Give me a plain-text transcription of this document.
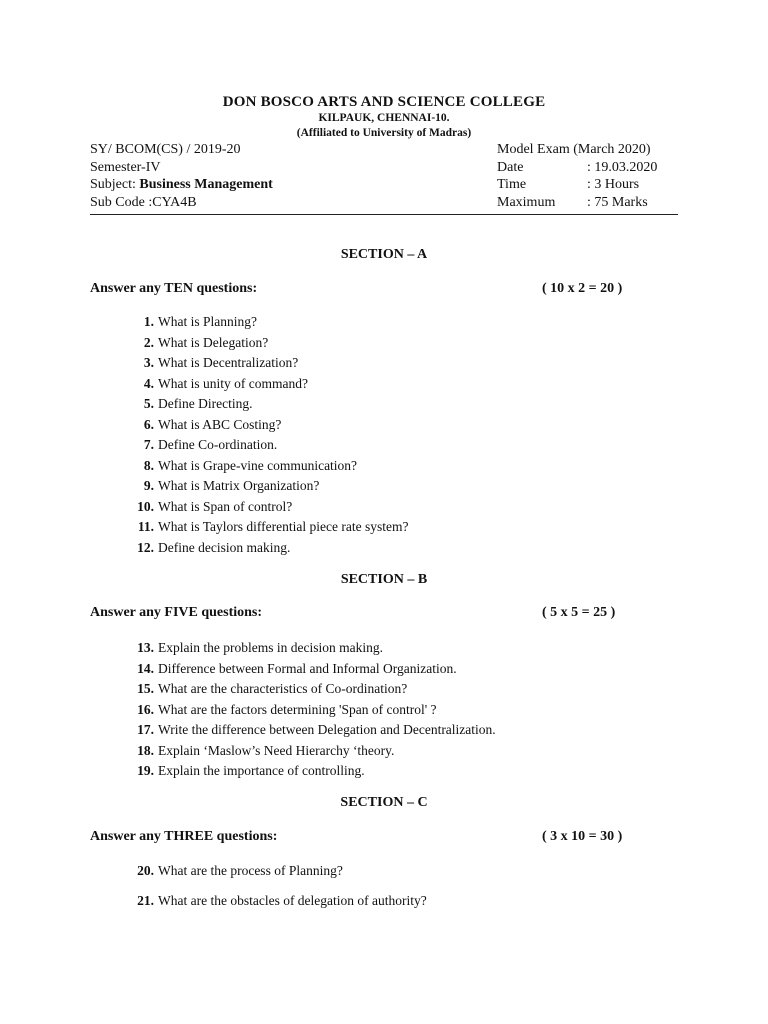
DON BOSCO ARTS AND SCIENCE COLLEGE
KILPAUK, CHENNAI-10.
(Affiliated to University of Madras)
SY/ BCOM(CS) / 2019-20
Semester-IV
Subject: Business Management
Sub Code :CYA4B
Model Exam (March 2020)
Date	: 19.03.2020
Time	: 3 Hours
Maximum : 75 Marks
SECTION – A
Answer any TEN questions:	( 10 x 2 = 20 )
1. What is Planning?
2. What is Delegation?
3. What is Decentralization?
4. What is unity of command?
5. Define Directing.
6. What is ABC Costing?
7. Define Co-ordination.
8. What is Grape-vine communication?
9. What is Matrix Organization?
10. What is Span of control?
11. What is Taylors differential piece rate system?
12. Define decision making.
SECTION – B
Answer any FIVE questions:	( 5 x 5 = 25 )
13. Explain the problems in decision making.
14. Difference between Formal and Informal Organization.
15. What are the characteristics of Co-ordination?
16. What are the factors determining 'Span of control' ?
17. Write the difference between Delegation and Decentralization.
18. Explain ‘Maslow’s Need Hierarchy ‘theory.
19. Explain the importance of controlling.
SECTION – C
Answer any THREE questions:	( 3 x 10 = 30 )
20. What are the process of Planning?
21. What are the obstacles of delegation of authority?
